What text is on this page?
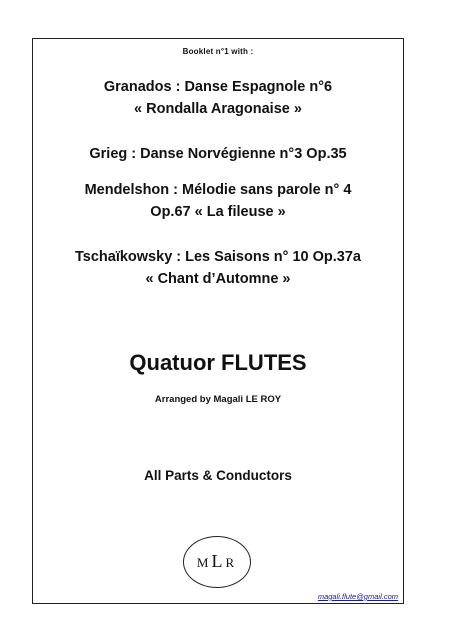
Booklet n°1 with :
Granados : Danse Espagnole n°6
« Rondalla Aragonaise »
Grieg : Danse Norvégienne n°3 Op.35
Mendelshon : Mélodie sans parole n° 4
Op.67 « La fileuse »
Tschaïkowsky : Les Saisons n° 10 Op.37a
« Chant d’Automne »
Quatuor FLUTES
Arranged by Magali LE ROY
All Parts & Conductors
MLR
magali.flute@gmail.com
